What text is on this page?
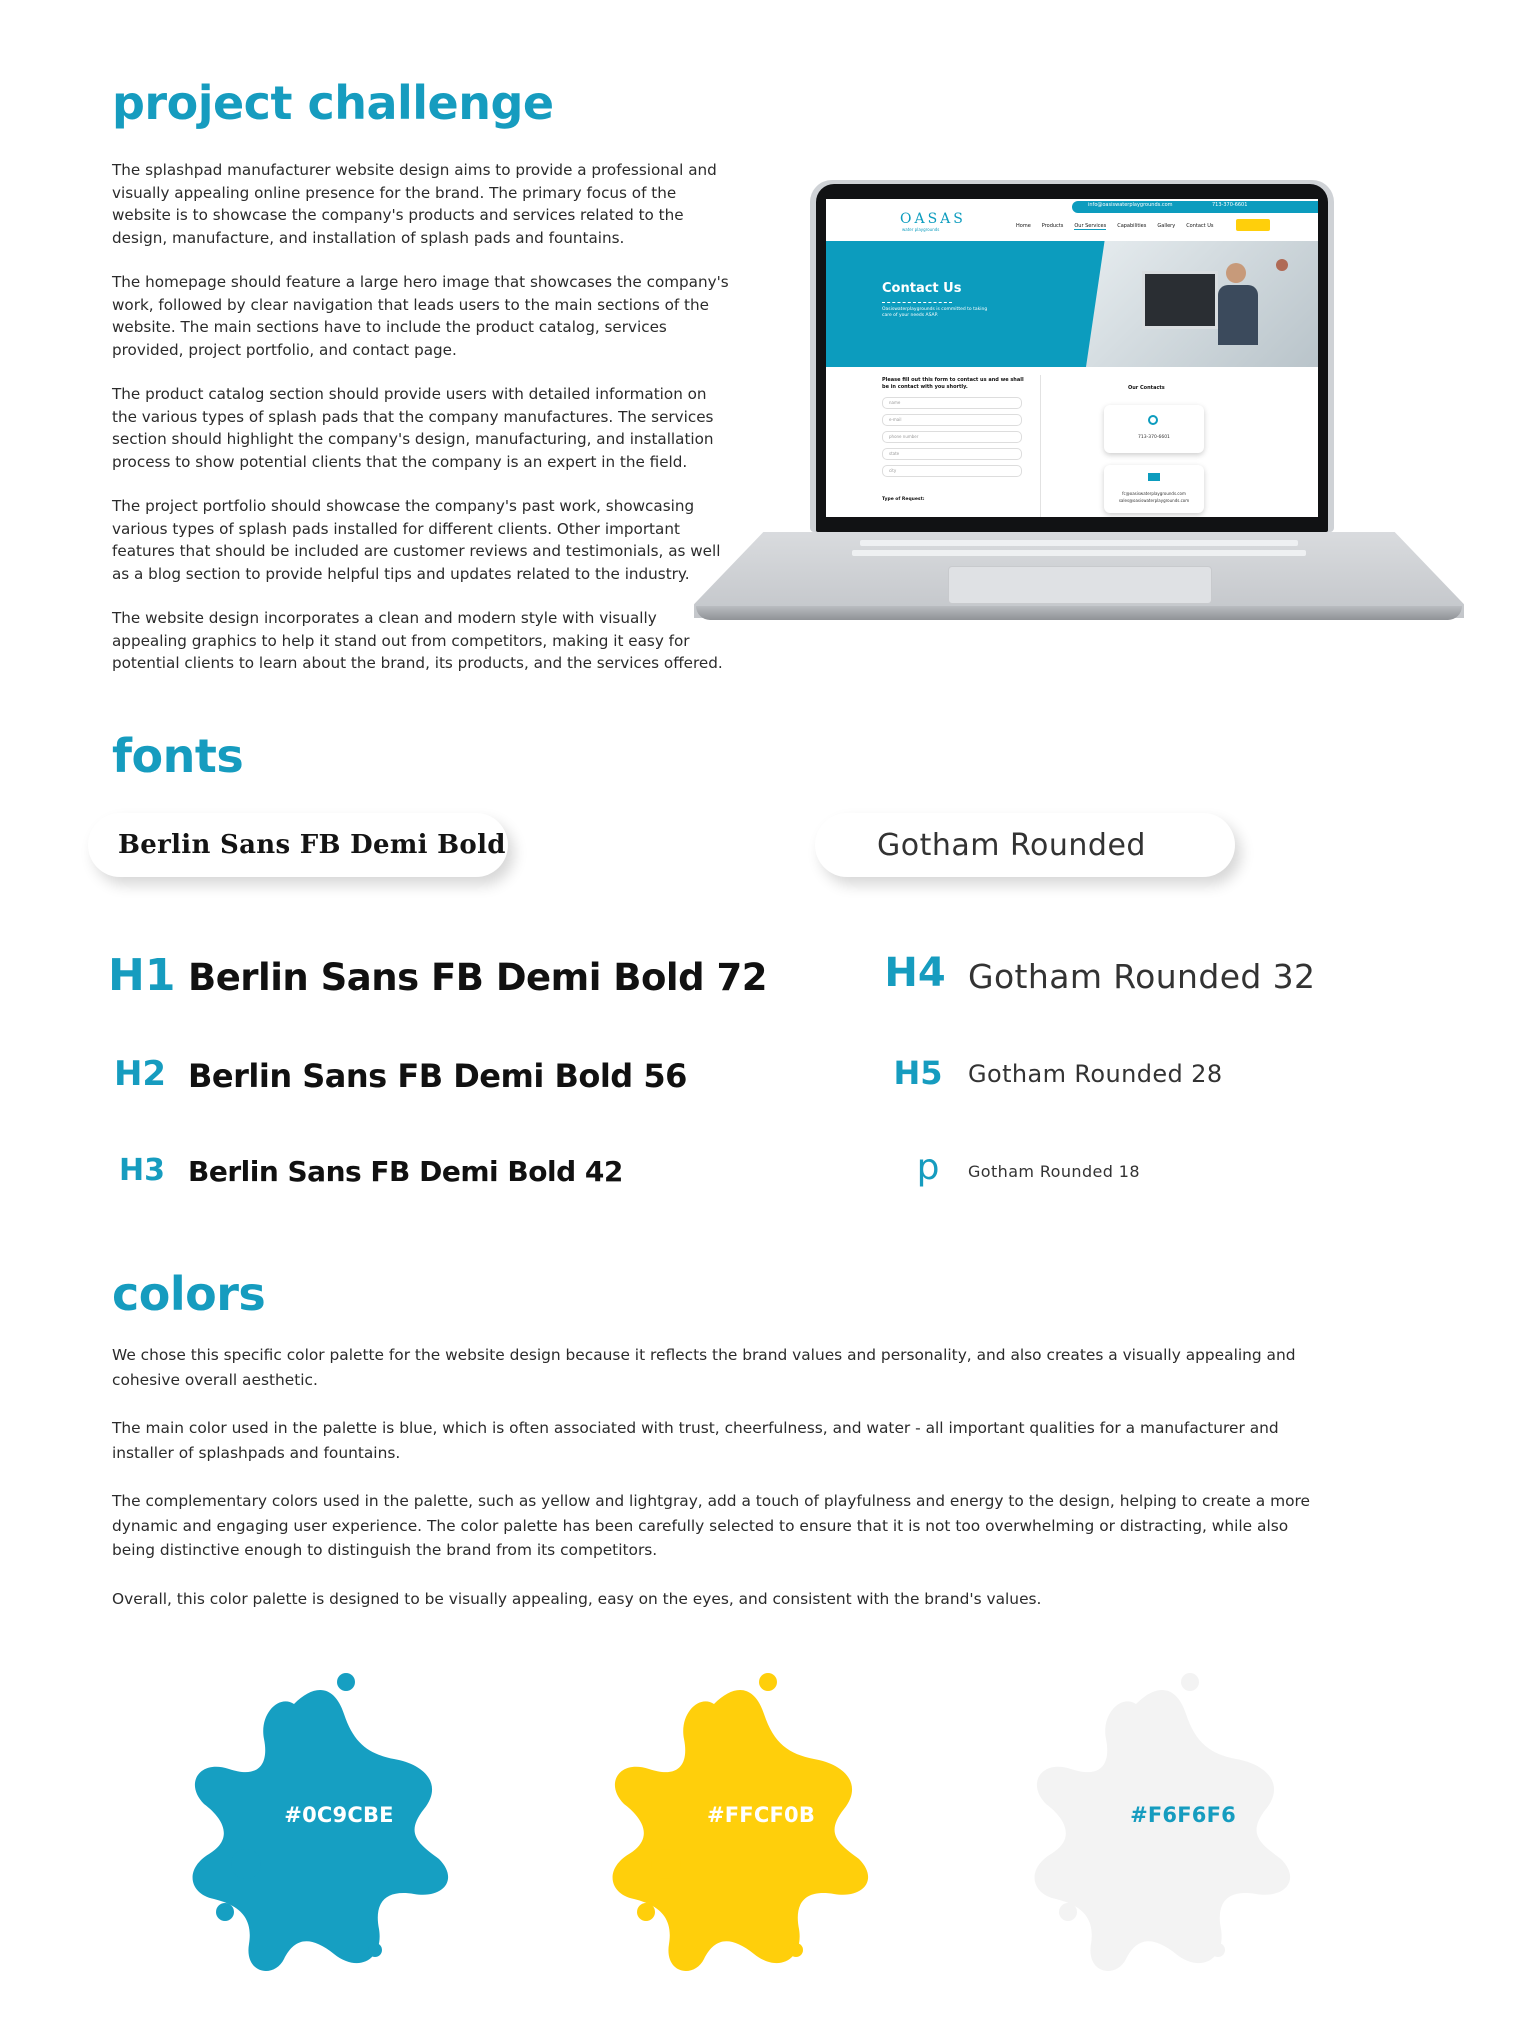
project challenge

The splashpad manufacturer website design aims to provide a professional and visually appealing online presence for the brand. The primary focus of the website is to showcase the company's products and services related to the design, manufacture, and installation of splash pads and fountains.

The homepage should feature a large hero image that showcases the company's work, followed by clear navigation that leads users to the main sections of the website. The main sections have to include the product catalog, services provided, project portfolio, and contact page.

The product catalog section should provide users with detailed information on the various types of splash pads that the company manufactures. The services section should highlight the company's design, manufacturing, and installation process to show potential clients that the company is an expert in the field.

The project portfolio should showcase the company's past work, showcasing various types of splash pads installed for different clients. Other important features that should be included are customer reviews and testimonials, as well as a blog section to provide helpful tips and updates related to the industry.

The website design incorporates a clean and modern style with visually appealing graphics to help it stand out from competitors, making it easy for potential clients to learn about the brand, its products, and the services offered.

info@oasiswaterplaygrounds.com	713-370-6601
OASAS
water playgrounds
Home Products Our Services Capabilities Gallery Contact Us
Contact Us
Oasiswaterplaygrounds is committed to taking care of your needs ASAP.
Please fill out this form to contact us and we shall be in contact with you shortly.
name
e-mail
phone number
state
city
Type of Request:
Our Contacts
713-370-6601
fc@oasiswaterplaygrounds.com
sales@oasiswaterplaygrounds.com
fonts
Berlin Sans FB Demi Bold	Gotham Rounded
H1 Berlin Sans FB Demi Bold 72
H2 Berlin Sans FB Demi Bold 56
H3 Berlin Sans FB Demi Bold 42
H4 Gotham Rounded 32
H5 Gotham Rounded 28
p	Gotham Rounded 18
colors

We chose this specific color palette for the website design because it reflects the brand values and personality, and also creates a visually appealing and cohesive overall aesthetic.

The main color used in the palette is blue, which is often associated with trust, cheerfulness, and water - all important qualities for a manufacturer and installer of splashpads and fountains.

The complementary colors used in the palette, such as yellow and lightgray, add a touch of playfulness and energy to the design, helping to create a more dynamic and engaging user experience. The color palette has been carefully selected to ensure that it is not too overwhelming or distracting, while also being distinctive enough to distinguish the brand from its competitors.

Overall, this color palette is designed to be visually appealing, easy on the eyes, and consistent with the brand's values.

#0C9CBE	#FFCF0B	#F6F6F6
